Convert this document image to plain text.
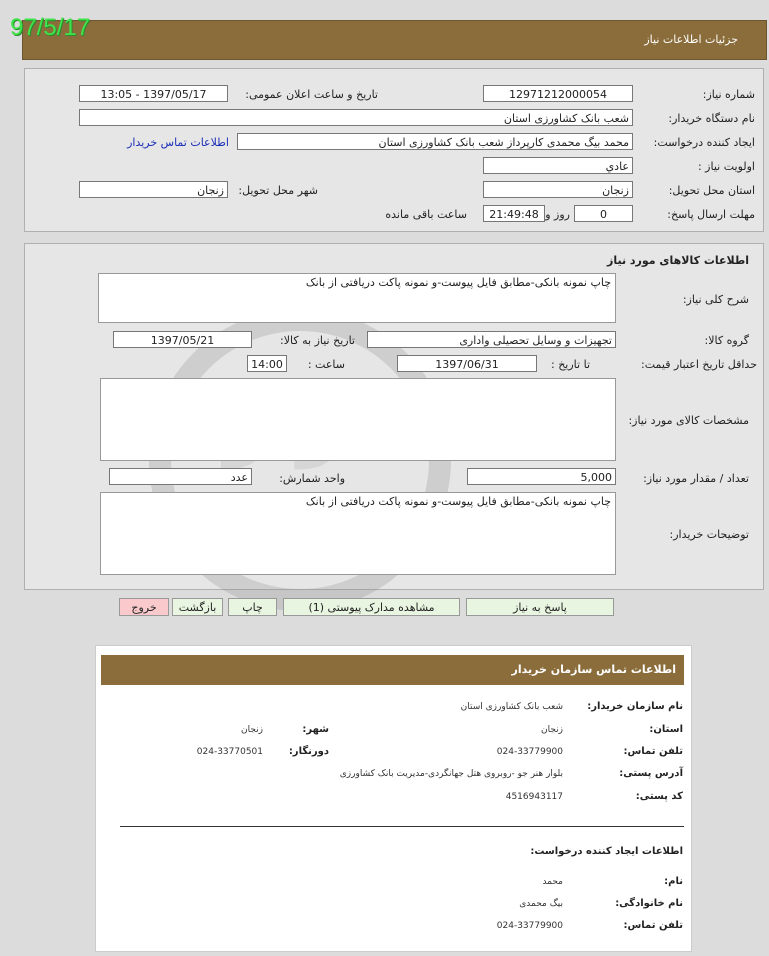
جزئیات اطلاعات نیاز
97/5/17
شماره نیاز:
12971212000054
تاریخ و ساعت اعلان عمومی:
1397/05/17 - 13:05
نام دستگاه خریدار:
شعب بانک کشاورزی استان
ایجاد کننده درخواست:
محمد بیگ محمدی کارپرداز شعب بانک کشاورزی استان
اطلاعات تماس خریدار
اولویت نیاز :
عادي
استان محل تحویل:
زنجان
شهر محل تحویل:
زنجان
مهلت ارسال پاسخ:
0
روز و
21:49:48
ساعت باقی مانده
اطلاعات کالاهای مورد نیاز
شرح کلی نیاز:
چاپ نمونه بانکی-مطابق فایل پیوست-و نمونه پاکت دریافتی از بانک
گروه کالا:
تجهیزات و وسایل تحصیلی واداری
تاریخ نیاز به کالا:
1397/05/21
حداقل تاریخ اعتبار قیمت:
تا تاریخ :
1397/06/31
ساعت :
14:00
مشخصات کالای مورد نیاز:
تعداد / مقدار مورد نیاز:
5,000
واحد شمارش:
عدد
توضیحات خریدار:
چاپ نمونه بانکی-مطابق فایل پیوست-و نمونه پاکت دریافتی از بانک
پاسخ به نیاز
مشاهده مدارک پیوستی (1)
چاپ
بازگشت
خروج
اطلاعات تماس سازمان خریدار
نام سازمان خریدار:
شعب بانک کشاورزی استان
استان:
زنجان
شهر:
زنجان
تلفن تماس:
024-33779900
دورنگار:
024-33770501
آدرس پستی:
بلوار هنر جو -روبروی هتل جهانگردی-مدیریت بانک کشاورزی
کد پستی:
4516943117
اطلاعات ایجاد کننده درخواست:
نام:
محمد
نام خانوادگی:
بیگ محمدی
تلفن تماس:
024-33779900
